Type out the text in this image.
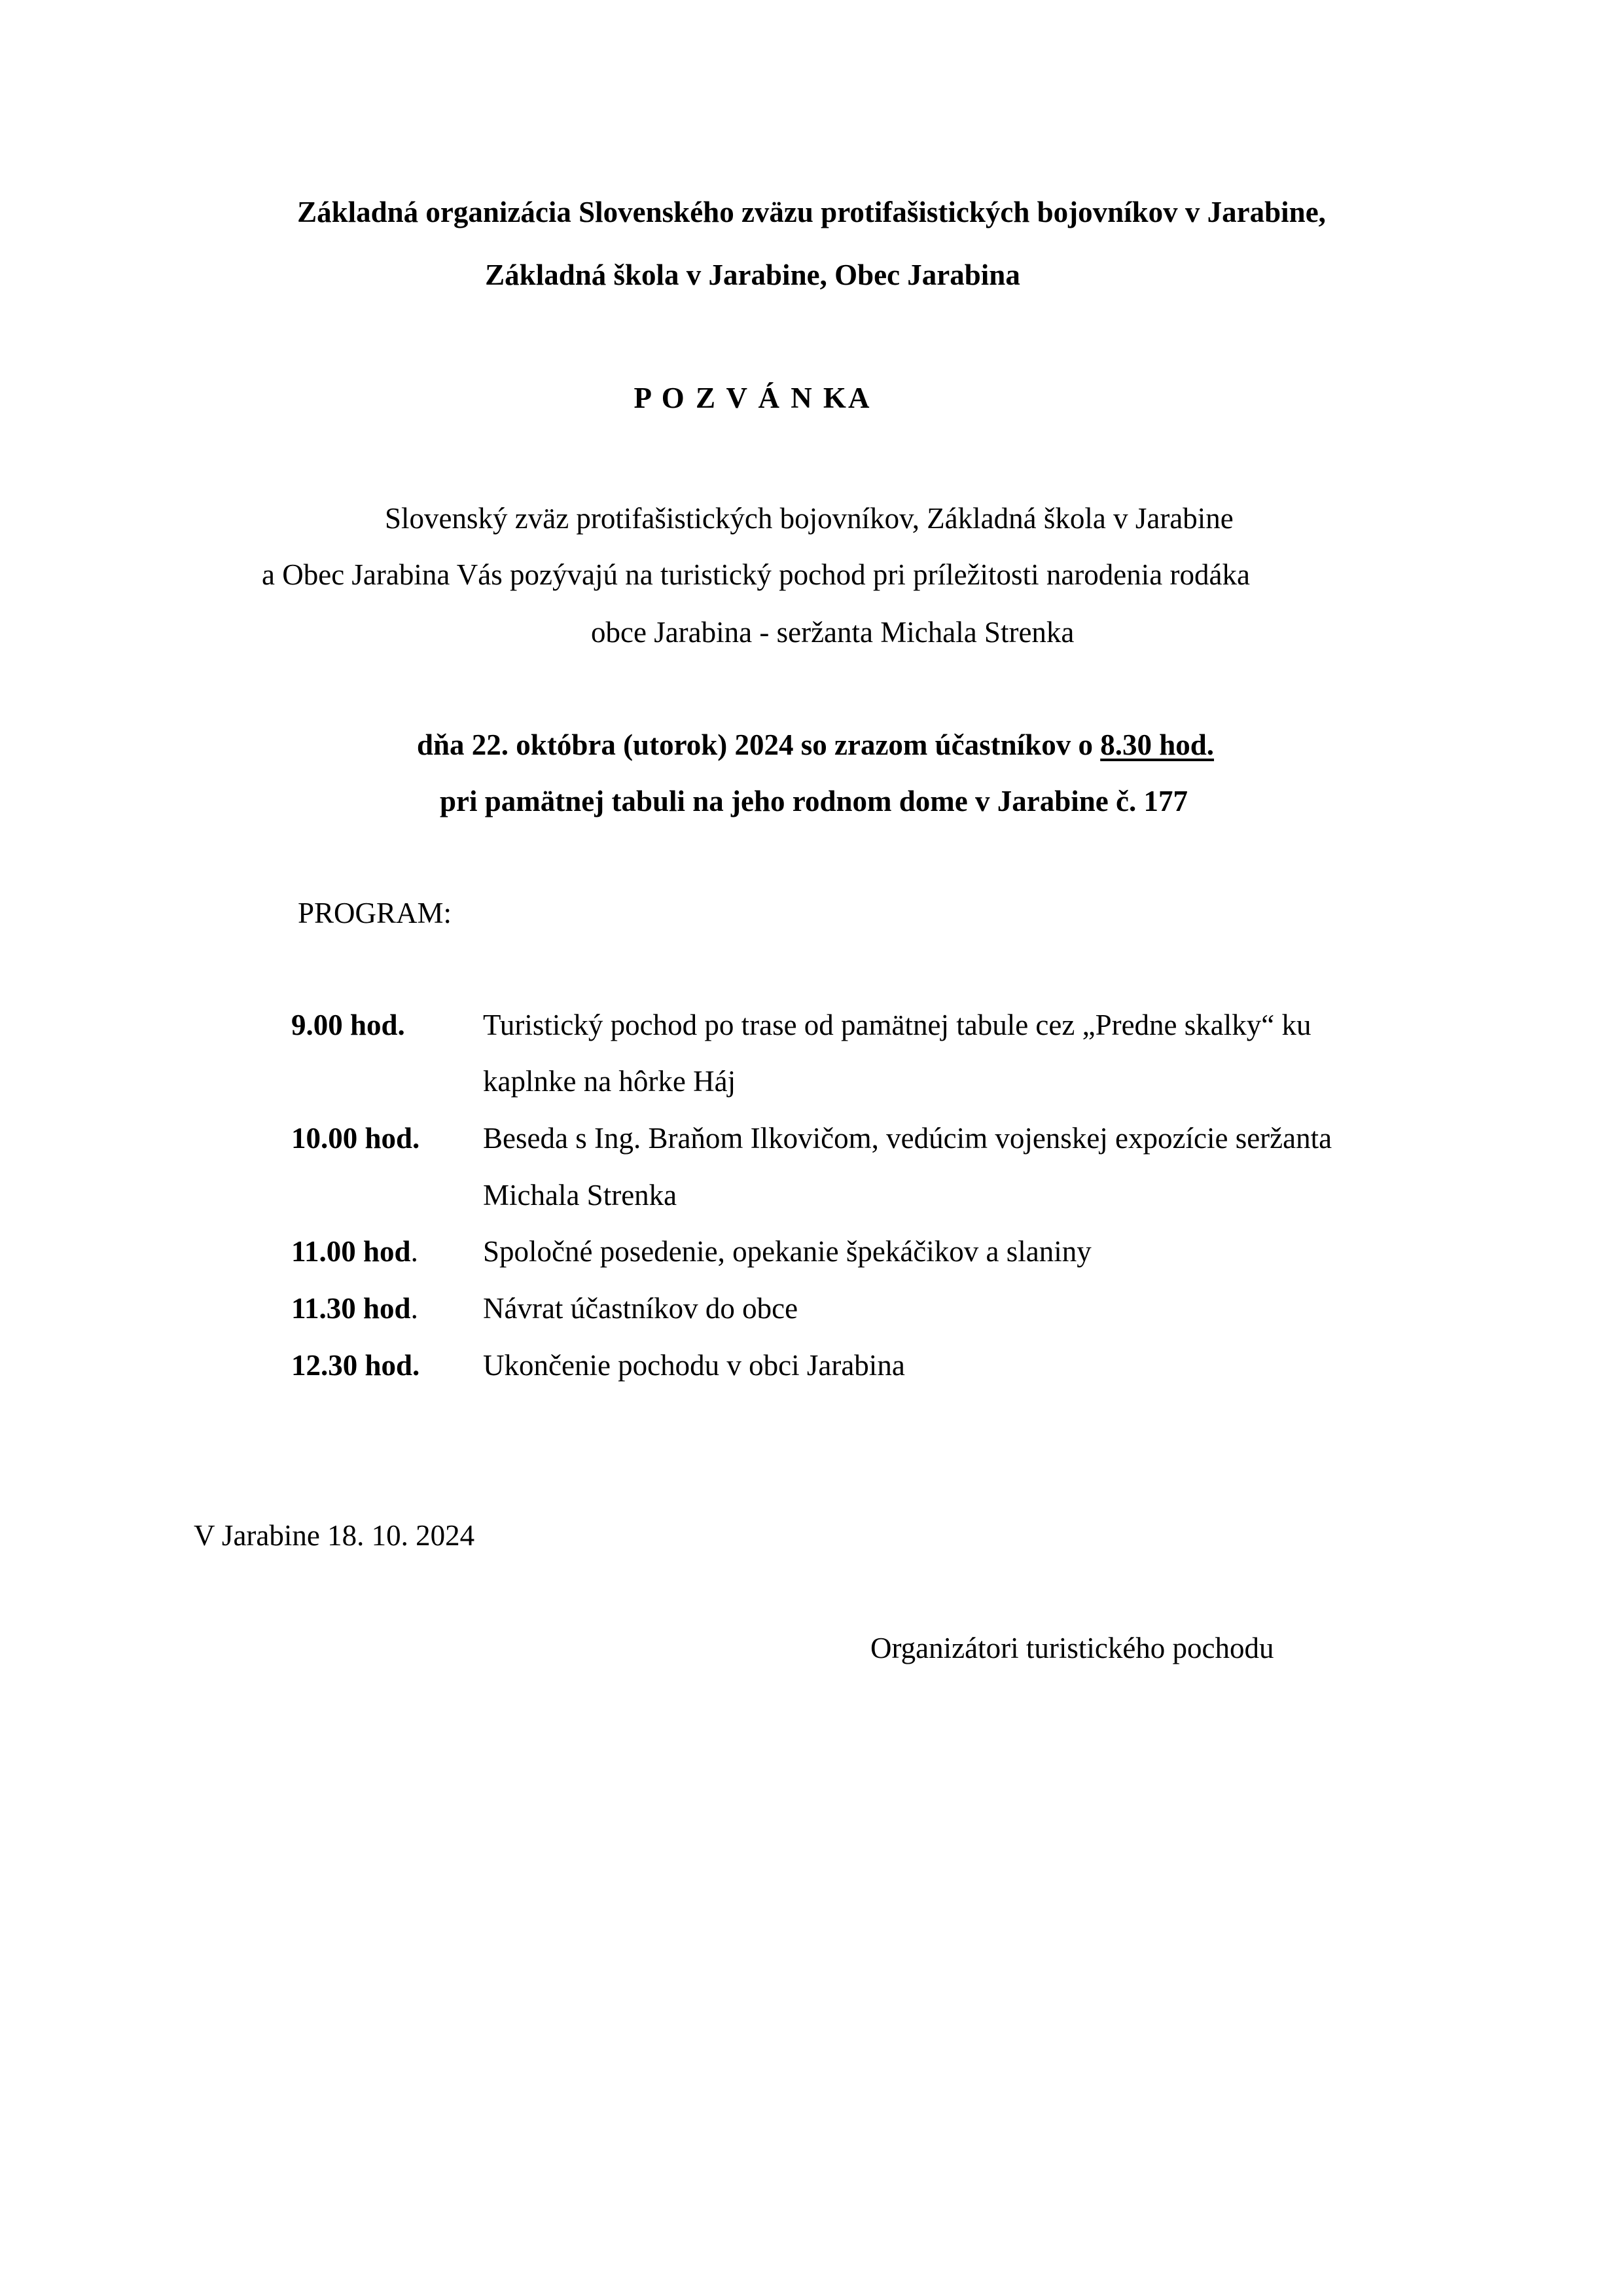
Základná organizácia Slovenského zväzu protifašistických bojovníkov v Jarabine,
Základná škola v Jarabine, Obec Jarabina
P O Z V Á N KA
Slovenský zväz protifašistických bojovníkov, Základná škola v Jarabine
a Obec Jarabina Vás pozývajú na turistický pochod pri príležitosti narodenia rodáka
obce Jarabina - seržanta Michala Strenka
dňa 22. októbra (utorok) 2024 so zrazom účastníkov o 8.30 hod.
pri pamätnej tabuli na jeho rodnom dome v Jarabine č. 177
PROGRAM:
9.00 hod.	Turistický pochod po trase od pamätnej tabule cez „Predne skalky“ ku
kaplnke na hôrke Háj
10.00 hod. Beseda s Ing. Braňom Ilkovičom, vedúcim vojenskej expozície seržanta
Michala Strenka
11.00 hod. Spoločné posedenie, opekanie špekáčikov a slaniny
11.30 hod. Návrat účastníkov do obce
12.30 hod. Ukončenie pochodu v obci Jarabina
V Jarabine 18. 10. 2024
Organizátori turistického pochodu
